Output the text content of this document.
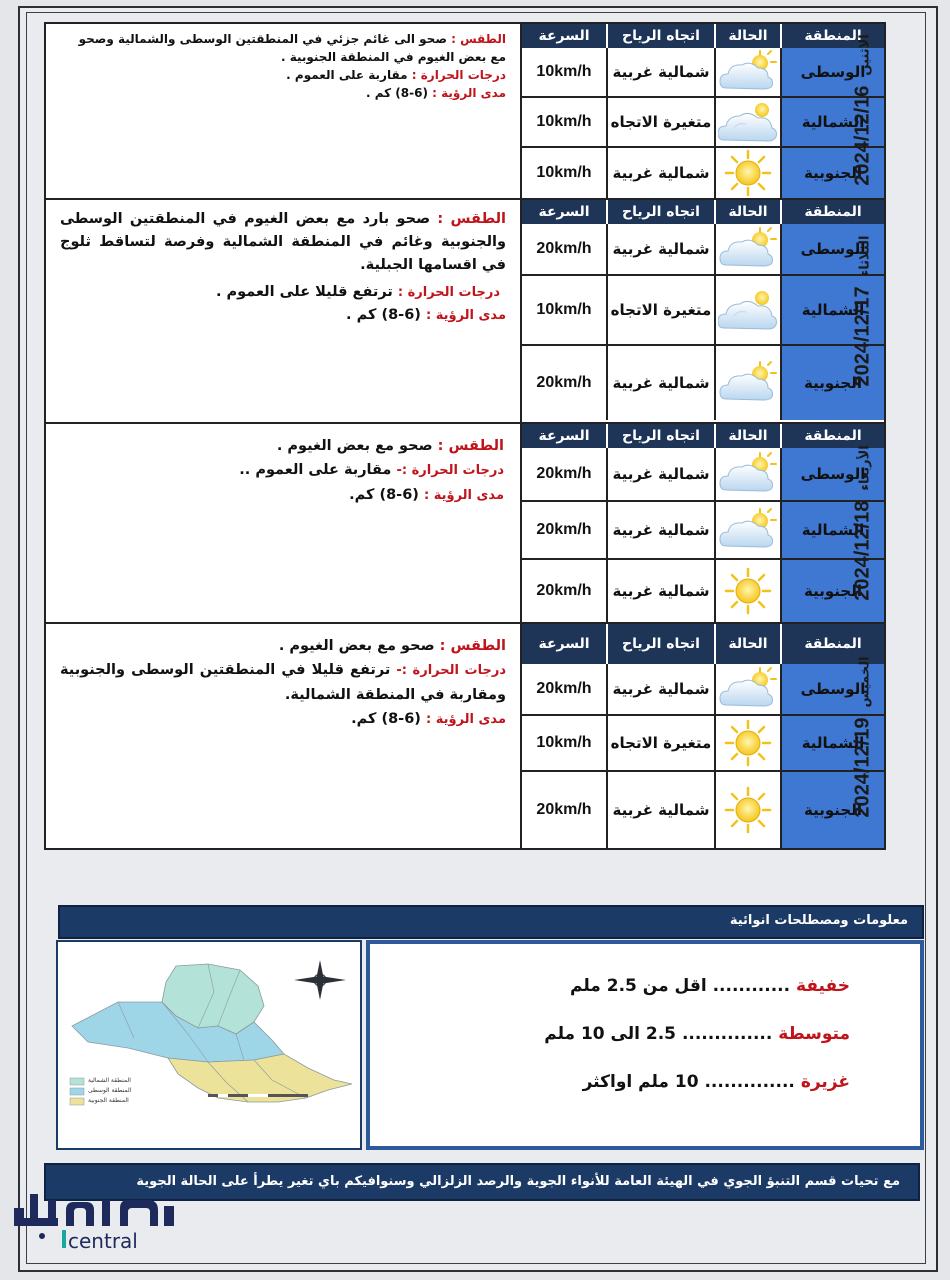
الطقس : صحو الى غائم جزئي في المنطقتين الوسطى والشمالية وصحو مع بعض الغيوم في المنطقة الجنوبية .

درجات الحرارة : مقاربة على العموم .

مدى الرؤية : (6-8) كم .

السرعة	اتجاه الرياح	الحالة	المنطقة
10km/h	شمالية غربية	الوسطى
10km/h	متغيرة الاتجاه	الشمالية
10km/h	شمالية غربية	الجنوبية

الطقس : صحو بارد مع بعض الغيوم في المنطقتين الوسطى والجنوبية وغائم في المنطقة الشمالية وفرصة لتساقط ثلوج في اقسامها الجبلية.

درجات الحرارة : ترتفع قليلا على العموم .

مدى الرؤية : (6-8) كم .

السرعة	اتجاه الرياح	الحالة	المنطقة
20km/h	شمالية غربية	الوسطى
10km/h	متغيرة الاتجاه	الشمالية
20km/h	شمالية غربية	الجنوبية

الطقس : صحو مع بعض الغيوم .

درجات الحرارة :- مقاربة على العموم ..

مدى الرؤية : (6-8) كم.

السرعة	اتجاه الرياح	الحالة	المنطقة
20km/h	شمالية غربية	الوسطى
20km/h	شمالية غربية	الشمالية
20km/h	شمالية غربية	الجنوبية

الطقس : صحو مع بعض الغيوم .

درجات الحرارة :- ترتفع قليلا في المنطقتين الوسطى والجنوبية ومقاربة في المنطقة الشمالية.

مدى الرؤية : (6-8) كم.

السرعة	اتجاه الرياح	الحالة	المنطقة
20km/h	شمالية غربية	الوسطى
10km/h	متغيرة الاتجاه	الشمالية
20km/h	شمالية غربية	الجنوبية
2024/12/16الاثنين
2024/12/17الثلاثاء
2024/12/18الأربعاء
2024/12/19الخميس
معلومات ومصطلحات انوائية
المنطقة الشمالية
المنطقة الوسطى
المنطقة الجنوبية
خفيفة ............ اقل من 2.5 ملم
متوسطة .............. 2.5 الى 10 ملم
غزيرة .............. 10 ملم اواكثر
مع تحيات قسم التنبؤ الجوي في الهيئة العامة للأنواء الجوية والرصد الزلزالي وسنوافيكم باي تغير يطرأ على الحالة الجوية
central
